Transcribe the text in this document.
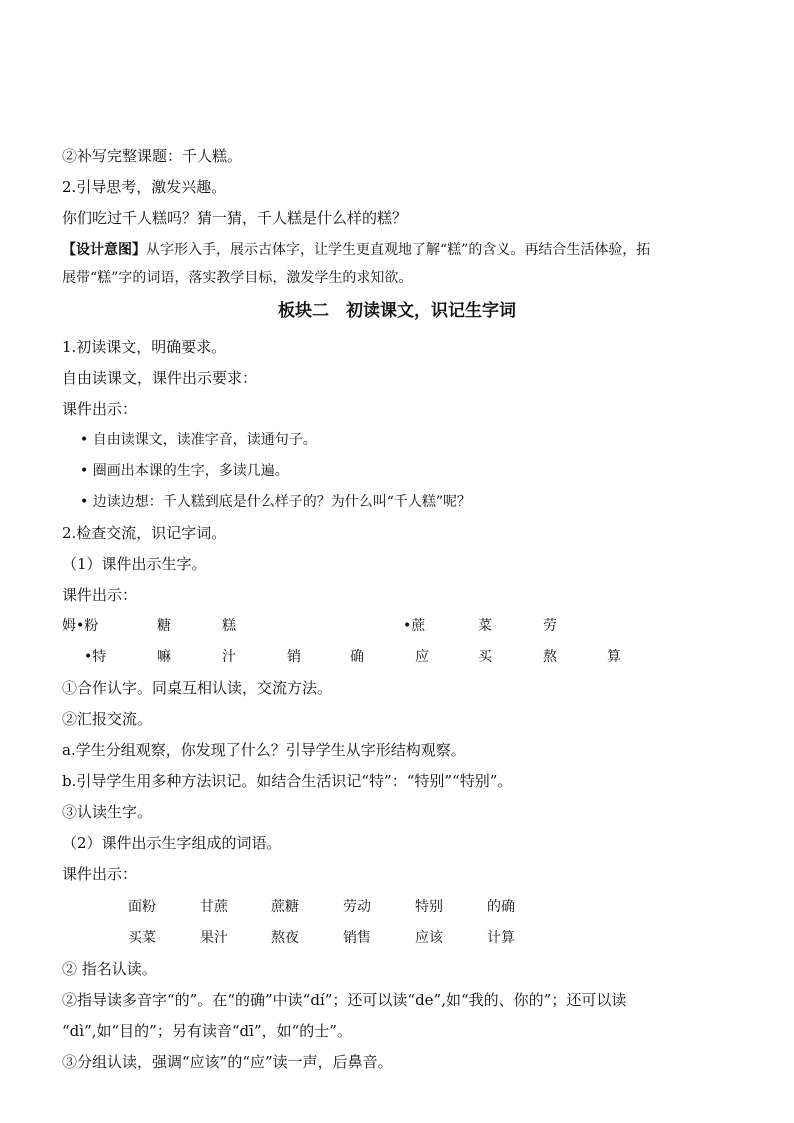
②补写完整课题：千人糕。
2.引导思考，激发兴趣。
你们吃过千人糕吗？猜一猜，千人糕是什么样的糕？
【设计意图】从字形入手，展示古体字，让学生更直观地了解“糕”的含义。再结合生活体验，拓
展带“糕”字的词语，落实教学目标，激发学生的求知欲。
板块二　初读课文，识记生字词
1.初读课文，明确要求。
自由读课文，课件出示要求：
课件出示：
• 自由读课文，读准字音，读通句子。
• 圈画出本课的生字，多读几遍。
• 边读边想：千人糕到底是什么样子的？为什么叫“千人糕”呢？
2.检查交流，识记字词。
（1）课件出示生字。
课件出示：
姆•粉	糖	糕	•蔗	菜	劳
•特	嘛	汁	销	确	应	买	熬	算
①合作认字。同桌互相认读，交流方法。
②汇报交流。
a.学生分组观察，你发现了什么？引导学生从字形结构观察。
b.引导学生用多种方法识记。如结合生活识记“特”：“特别”“特别”。
③认读生字。
（2）课件出示生字组成的词语。
课件出示：
面粉	甘蔗	蔗糖	劳动	特别	的确
买菜	果汁	熬夜	销售	应该	计算
② 指名认读。
②指导读多音字“的”。在“的确”中读“dí”；还可以读“de”,如“我的、你的”；还可以读
“dì”,如“目的”；另有读音“dī”，如“的士”。
③分组认读，强调“应该”的“应”读一声，后鼻音。
